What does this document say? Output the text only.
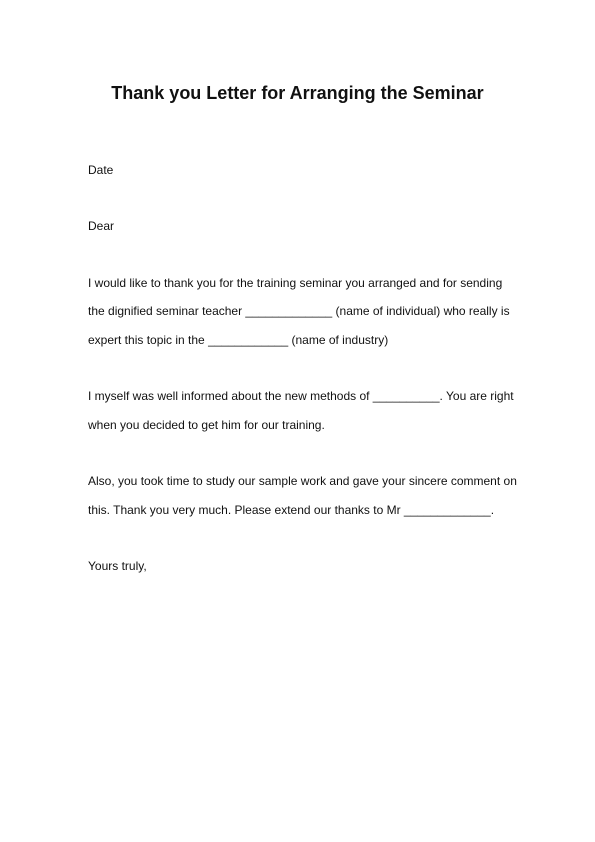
Thank you Letter for Arranging the Seminar
Date
Dear
I would like to thank you for the training seminar you arranged and for sending
the dignified seminar teacher _____________ (name of individual) who really is
expert this topic in the ____________ (name of industry)
I myself was well informed about the new methods of __________. You are right
when you decided to get him for our training.
Also, you took time to study our sample work and gave your sincere comment on
this. Thank you very much. Please extend our thanks to Mr _____________.
Yours truly,
